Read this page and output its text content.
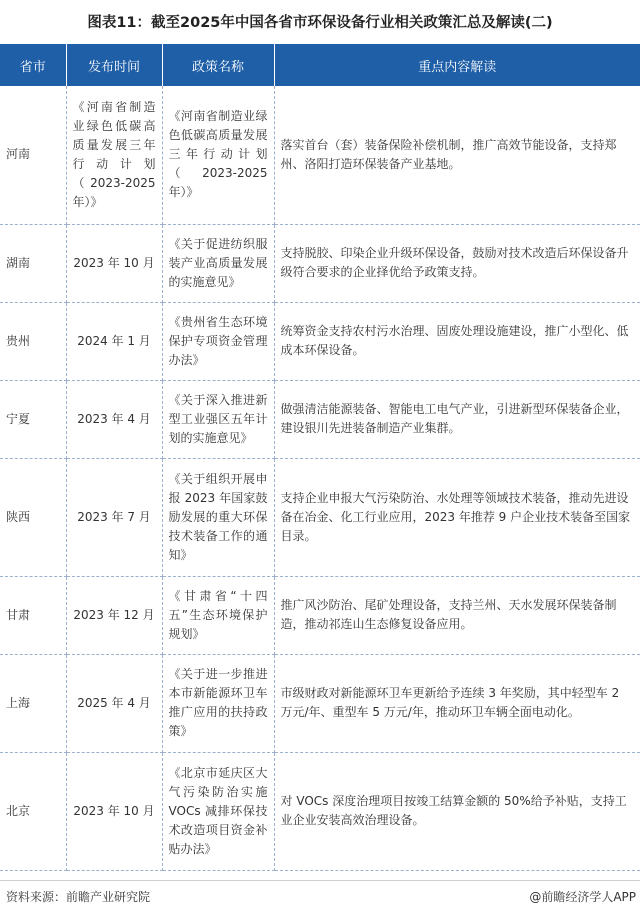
图表11：截至2025年中国各省市环保设备行业相关政策汇总及解读(二)
省市	发布时间	政策名称	重点内容解读
河南	《河南省制造业绿色低碳高质量发展三年行动计划（2023-2025年）》	《河南省制造业绿色低碳高质量发展三年行动计划（2023-2025年）》	落实首台（套）装备保险补偿机制，推广高效节能设备，支持郑州、洛阳打造环保装备产业基地。
湖南	2023 年 10 月	《关于促进纺织服装产业高质量发展的实施意见》	支持脱胶、印染企业升级环保设备，鼓励对技术改造后环保设备升级符合要求的企业择优给予政策支持。
贵州	2024 年 1 月	《贵州省生态环境保护专项资金管理办法》	统筹资金支持农村污水治理、固废处理设施建设，推广小型化、低成本环保设备。
宁夏	2023 年 4 月	《关于深入推进新型工业强区五年计划的实施意见》	做强清洁能源装备、智能电工电气产业，引进新型环保装备企业，建设银川先进装备制造产业集群。
陕西	2023 年 7 月	《关于组织开展申报 2023 年国家鼓励发展的重大环保技术装备工作的通知》	支持企业申报大气污染防治、水处理等领域技术装备，推动先进设备在冶金、化工行业应用，2023 年推荐 9 户企业技术装备至国家目录。
甘肃	2023 年 12 月	《甘肃省“十四五”生态环境保护规划》	推广风沙防治、尾矿处理设备，支持兰州、天水发展环保装备制造，推动祁连山生态修复设备应用。
上海	2025 年 4 月	《关于进一步推进本市新能源环卫车推广应用的扶持政策》	市级财政对新能源环卫车更新给予连续 3 年奖励，其中轻型车 2 万元/年、重型车 5 万元/年，推动环卫车辆全面电动化。
北京	2023 年 10 月	《北京市延庆区大气污染防治实施VOCs 减排环保技术改造项目资金补贴办法》	对 VOCs 深度治理项目按竣工结算金额的 50%给予补贴，支持工业企业安装高效治理设备。
资料来源：前瞻产业研究院	@前瞻经济学人APP
